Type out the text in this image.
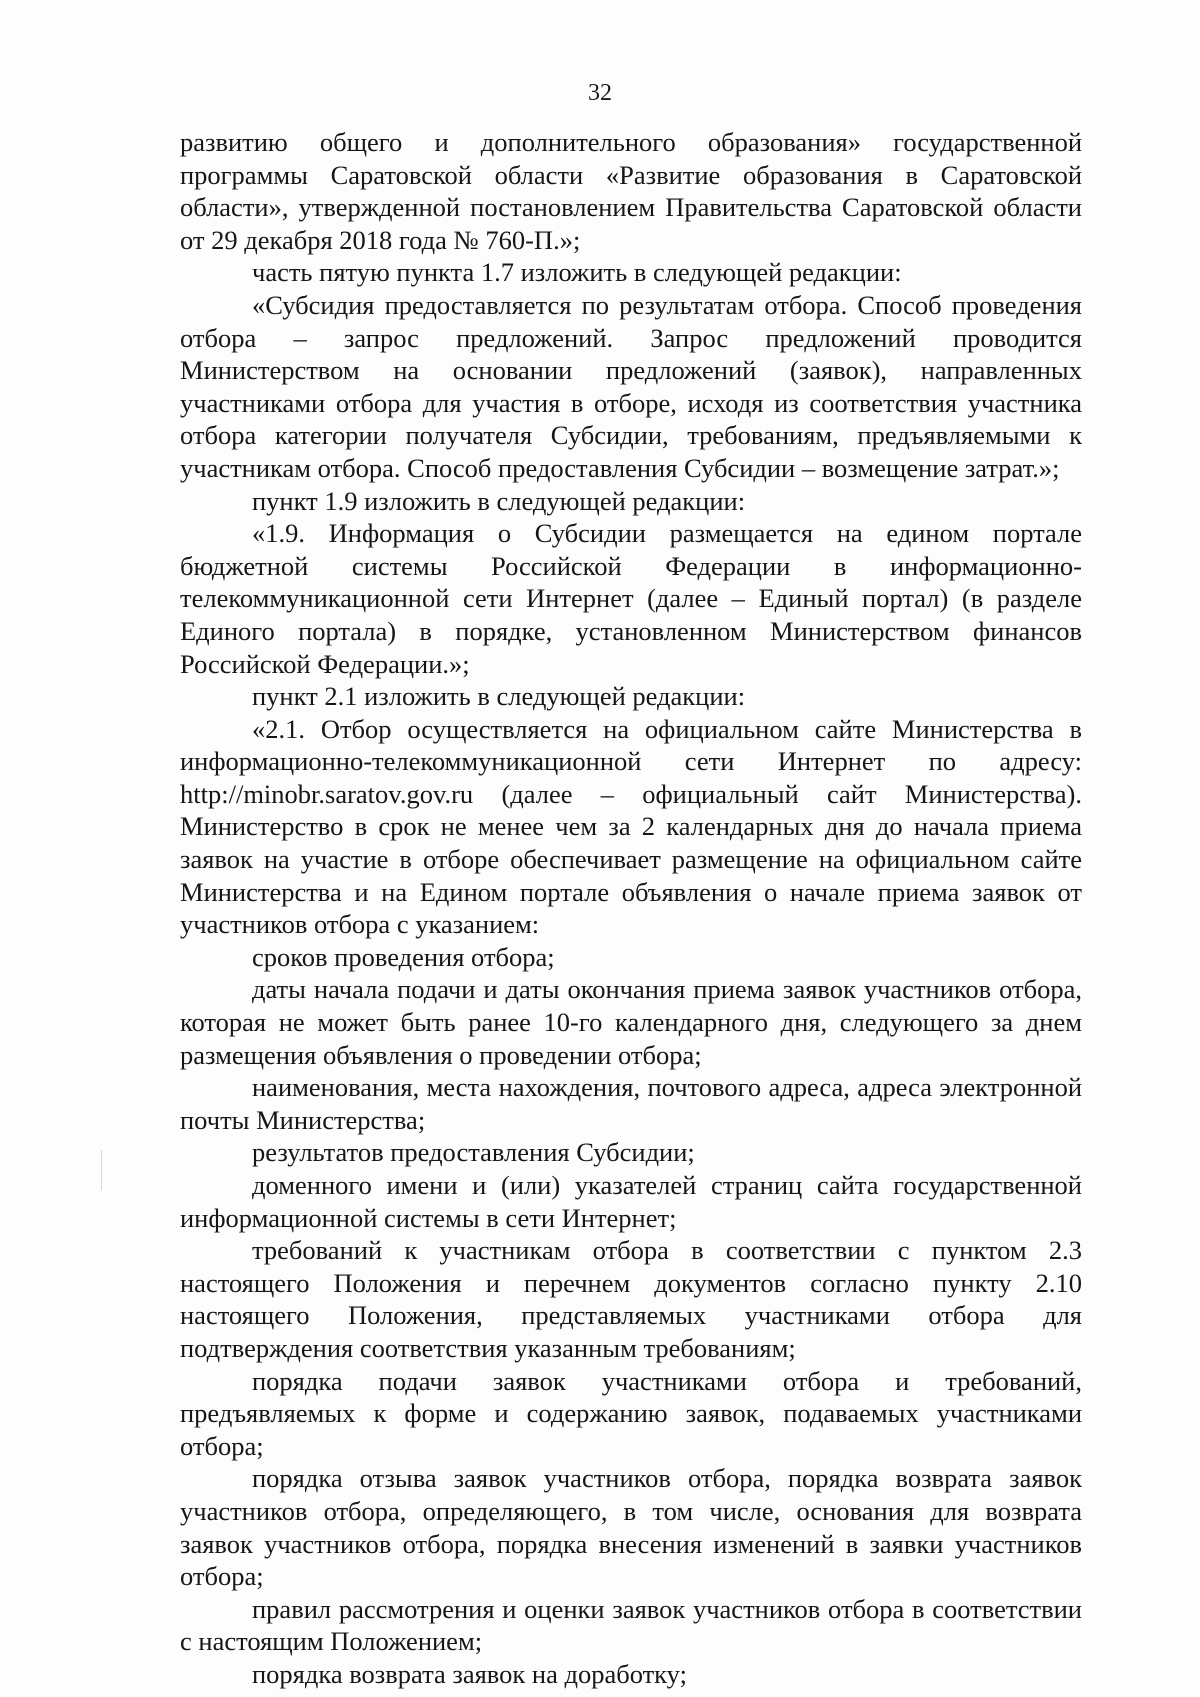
32

развитию общего и дополнительного образования» государственной программы Саратовской области «Развитие образования в Саратовской области», утвержденной постановлением Правительства Саратовской области от 29 декабря 2018 года № 760-П.»;

часть пятую пункта 1.7 изложить в следующей редакции:

«Субсидия предоставляется по результатам отбора. Способ проведения отбора – запрос предложений. Запрос предложений проводится Министерством на основании предложений (заявок), направленных участниками отбора для участия в отборе, исходя из соответствия участника отбора категории получателя Субсидии, требованиям, предъявляемыми к участникам отбора. Способ предоставления Субсидии – возмещение затрат.»;

пункт 1.9 изложить в следующей редакции:

«1.9. Информация о Субсидии размещается на едином портале бюджетной системы Российской Федерации в информационно-телекоммуникационной сети Интернет (далее – Единый портал) (в разделе Единого портала) в порядке, установленном Министерством финансов Российской Федерации.»;

пункт 2.1 изложить в следующей редакции:

«2.1. Отбор осуществляется на официальном сайте Министерства в информационно-телекоммуникационной сети Интернет по адресу: http://minobr.saratov.gov.ru (далее – официальный сайт Министерства). Министерство в срок не менее чем за 2 календарных дня до начала приема заявок на участие в отборе обеспечивает размещение на официальном сайте Министерства и на Едином портале объявления о начале приема заявок от участников отбора с указанием:

сроков проведения отбора;

даты начала подачи и даты окончания приема заявок участников отбора, которая не может быть ранее 10-го календарного дня, следующего за днем размещения объявления о проведении отбора;

наименования, места нахождения, почтового адреса, адреса электронной почты Министерства;

результатов предоставления Субсидии;

доменного имени и (или) указателей страниц сайта государственной информационной системы в сети Интернет;

требований к участникам отбора в соответствии с пунктом 2.3 настоящего Положения и перечнем документов согласно пункту 2.10 настоящего Положения, представляемых участниками отбора для подтверждения соответствия указанным требованиям;

порядка подачи заявок участниками отбора и требований, предъявляемых к форме и содержанию заявок, подаваемых участниками отбора;

порядка отзыва заявок участников отбора, порядка возврата заявок участников отбора, определяющего, в том числе, основания для возврата заявок участников отбора, порядка внесения изменений в заявки участников отбора;

правил рассмотрения и оценки заявок участников отбора в соответствии с настоящим Положением;

порядка возврата заявок на доработку;
